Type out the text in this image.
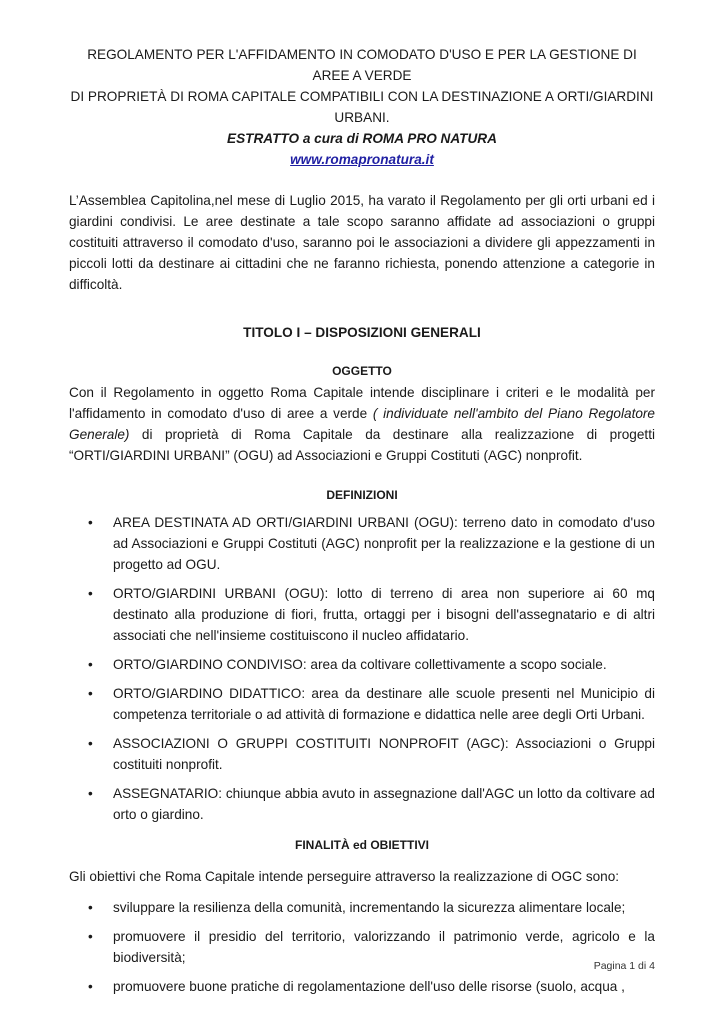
REGOLAMENTO PER L'AFFIDAMENTO IN COMODATO D'USO E PER LA GESTIONE DI AREE A VERDE

DI PROPRIETÀ DI ROMA CAPITALE COMPATIBILI CON LA DESTINAZIONE A ORTI/GIARDINI URBANI.

ESTRATTO a cura di ROMA PRO NATURA

www.romapronatura.it

L’Assemblea Capitolina,nel mese di Luglio 2015, ha varato il Regolamento per gli orti urbani ed i giardini condivisi. Le aree destinate a tale scopo saranno affidate ad associazioni o gruppi costituiti attraverso il comodato d'uso, saranno poi le associazioni a dividere gli appezzamenti in piccoli lotti da destinare ai cittadini che ne faranno richiesta, ponendo attenzione a categorie in difficoltà.

TITOLO I – DISPOSIZIONI GENERALI

OGGETTO

Con il Regolamento in oggetto Roma Capitale intende disciplinare i criteri e le modalità per l'affidamento in comodato d'uso di aree a verde ( individuate nell'ambito del Piano Regolatore Generale) di proprietà di Roma Capitale da destinare alla realizzazione di progetti “ORTI/GIARDINI URBANI” (OGU) ad Associazioni e Gruppi Costituti (AGC) nonprofit.

DEFINIZIONI

• AREA DESTINATA AD ORTI/GIARDINI URBANI (OGU): terreno dato in comodato d'uso ad Associazioni e Gruppi Costituti (AGC) nonprofit per la realizzazione e la gestione di un progetto ad OGU.
• ORTO/GIARDINI URBANI (OGU): lotto di terreno di area non superiore ai 60 mq destinato alla produzione di fiori, frutta, ortaggi per i bisogni dell'assegnatario e di altri associati che nell'insieme costituiscono il nucleo affidatario.
• ORTO/GIARDINO CONDIVISO: area da coltivare collettivamente a scopo sociale.
• ORTO/GIARDINO DIDATTICO: area da destinare alle scuole presenti nel Municipio di competenza territoriale o ad attività di formazione e didattica nelle aree degli Orti Urbani.
• ASSOCIAZIONI O GRUPPI COSTITUITI NONPROFIT (AGC): Associazioni o Gruppi costituiti nonprofit.
• ASSEGNATARIO: chiunque abbia avuto in assegnazione dall'AGC un lotto da coltivare ad orto o giardino.

FINALITÀ ed OBIETTIVI

Gli obiettivi che Roma Capitale intende perseguire attraverso la realizzazione di OGC sono:

• sviluppare la resilienza della comunità, incrementando la sicurezza alimentare locale;
• promuovere il presidio del territorio, valorizzando il patrimonio verde, agricolo e la biodiversità;
• promuovere buone pratiche di regolamentazione dell'uso delle risorse (suolo, acqua ,
Pagina 1 di 4
